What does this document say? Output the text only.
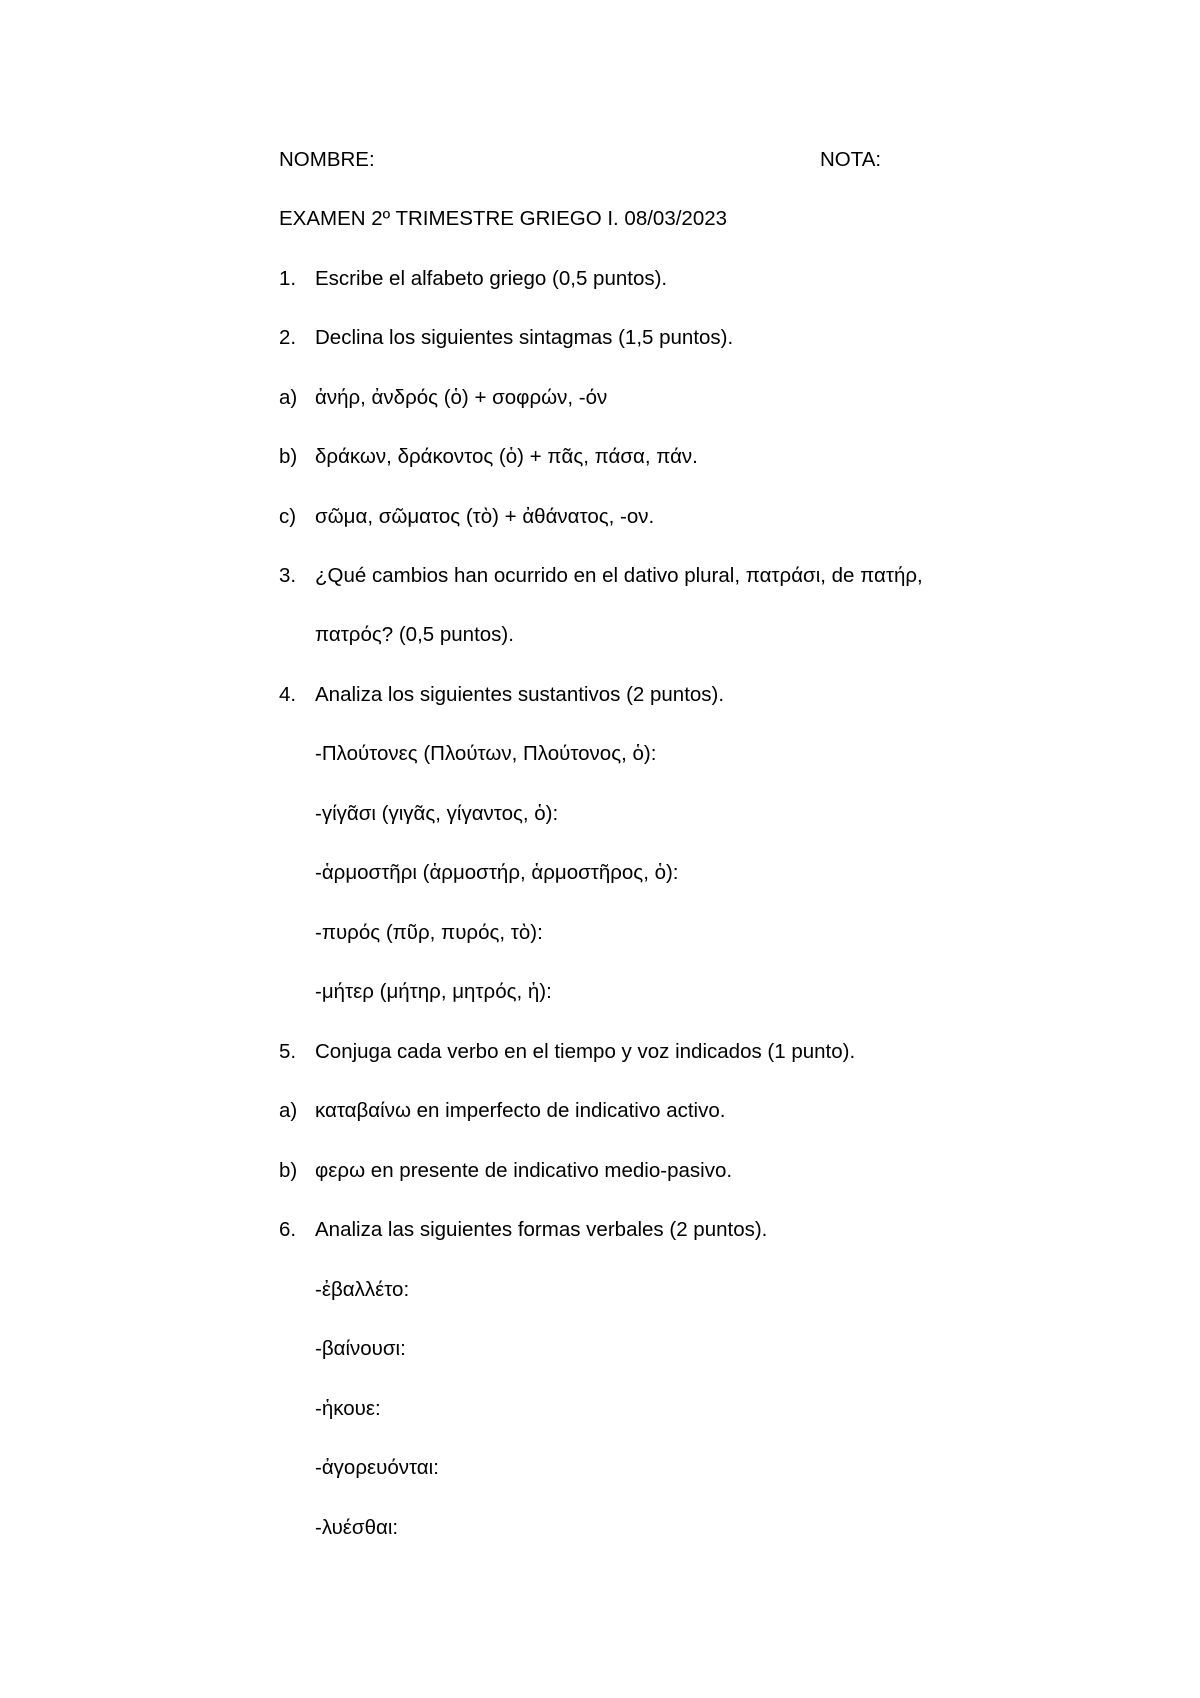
NOMBRE:	NOTA:
EXAMEN 2º TRIMESTRE GRIEGO I. 08/03/2023
1. Escribe el alfabeto griego (0,5 puntos).
2. Declina los siguientes sintagmas (1,5 puntos).
a) ἀνήρ, ἀνδρός (ὁ) + σοφρών, -όν
b) δράκων, δράκοντος (ὁ) + πᾶς, πάσα, πάν.
c) σῶμα, σῶματος (τὸ) + ἀθάνατος, -ον.
3. ¿Qué cambios han ocurrido en el dativo plural, πατράσι, de πατήρ,
πατρός? (0,5 puntos).
4. Analiza los siguientes sustantivos (2 puntos).
-Πλούτονες (Πλούτων, Πλούτονος, ὁ):
-γίγᾶσι (γιγᾶς, γίγαντος, ὁ):
-ἁρμοστῆρι (ἁρμοστήρ, ἁρμοστῆρος, ὁ):
-πυρός (πῦρ, πυρός, τὸ):
-μήτερ (μήτηρ, μητρός, ἡ):
5. Conjuga cada verbo en el tiempo y voz indicados (1 punto).
a) καταβαίνω en imperfecto de indicativo activo.
b) φερω en presente de indicativo medio-pasivo.
6. Analiza las siguientes formas verbales (2 puntos).
-ἐβαλλέτο:
-βαίνουσι:
-ἡκουε:
-ἀγορευόνται:
-λυέσθαι:
